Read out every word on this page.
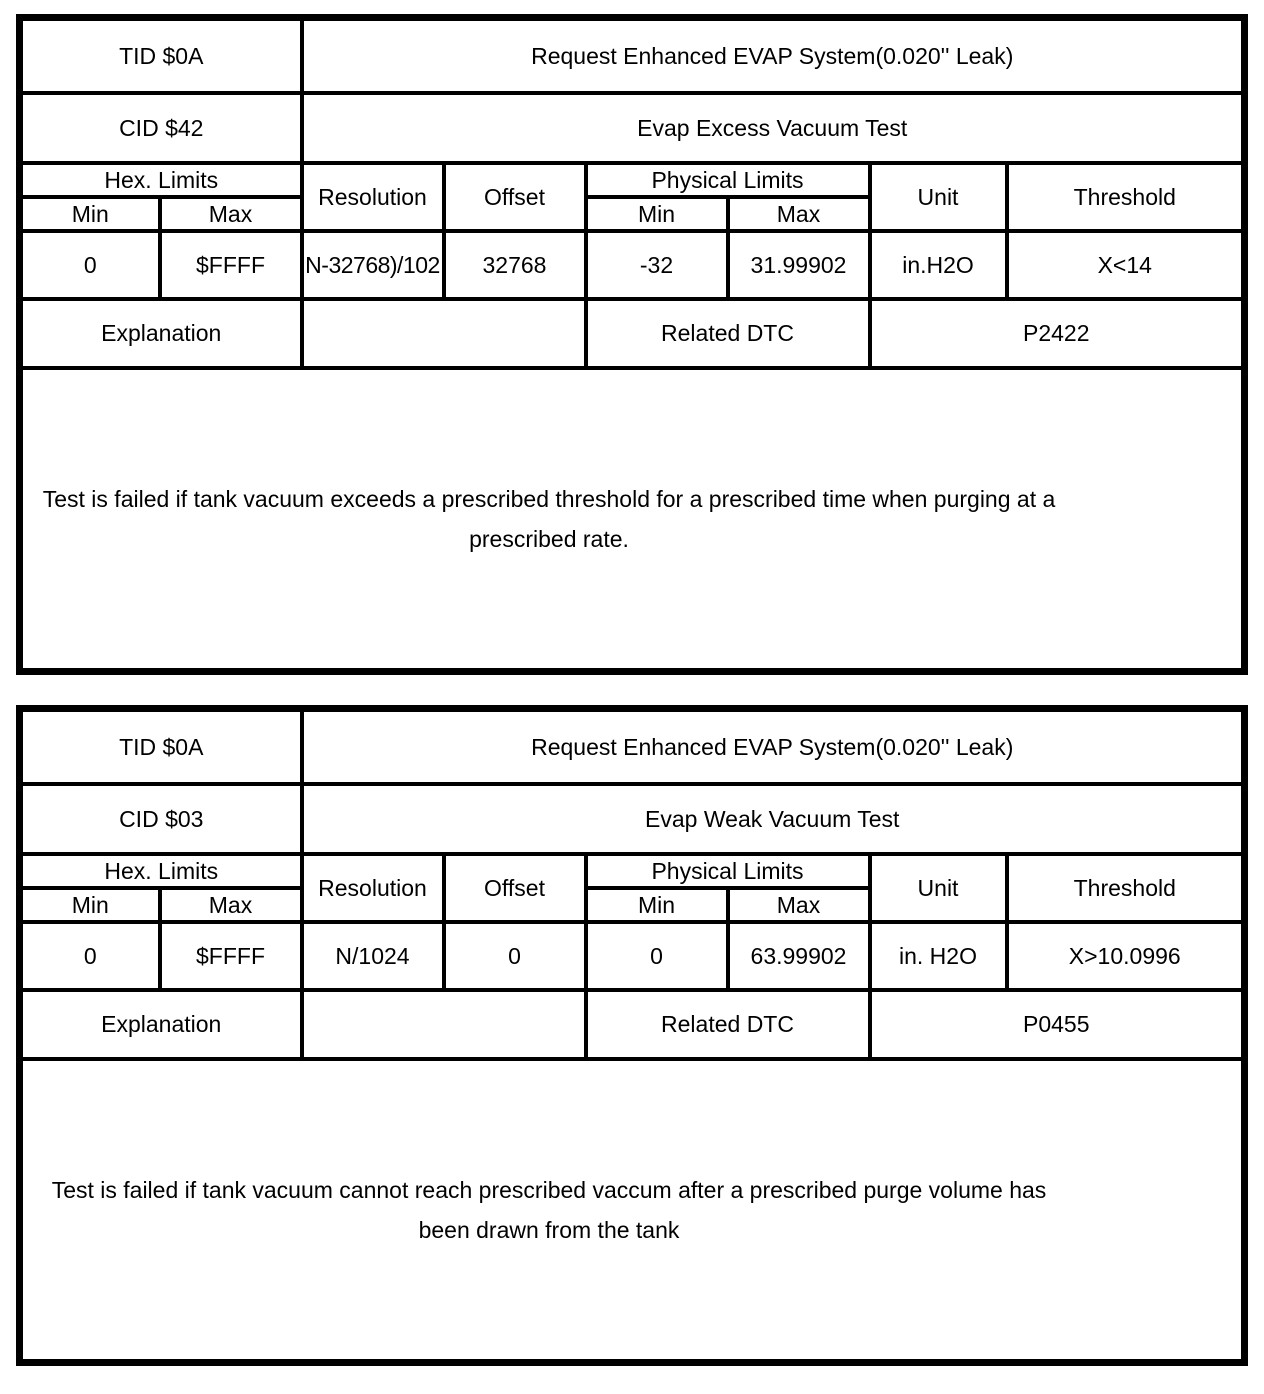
TID $0A		Request Enhanced EVAP System(0.020'' Leak)					
CID $42		Evap Excess Vacuum Test					
Hex. Limits		Resolution	Offset	Physical Limits		Unit	Threshold
Min	Max			Min	Max		
0	$FFFF	N-32768)/102	32768	-32	31.99902	in.H2O	X<14
Explanation				Related DTC		P2422	

Test is failed if tank vacuum exceeds a prescribed threshold for a prescribed time when purging at a prescribed rate.							

TID $0A		Request Enhanced EVAP System(0.020'' Leak)					
CID $03		Evap Weak Vacuum Test					
Hex. Limits		Resolution	Offset	Physical Limits		Unit	Threshold
Min	Max			Min	Max		
0	$FFFF	N/1024	0	0	63.99902	in. H2O	X>10.0996
Explanation				Related DTC		P0455	

Test is failed if tank vacuum cannot reach prescribed vaccum after a prescribed purge volume has been drawn from the tank							
